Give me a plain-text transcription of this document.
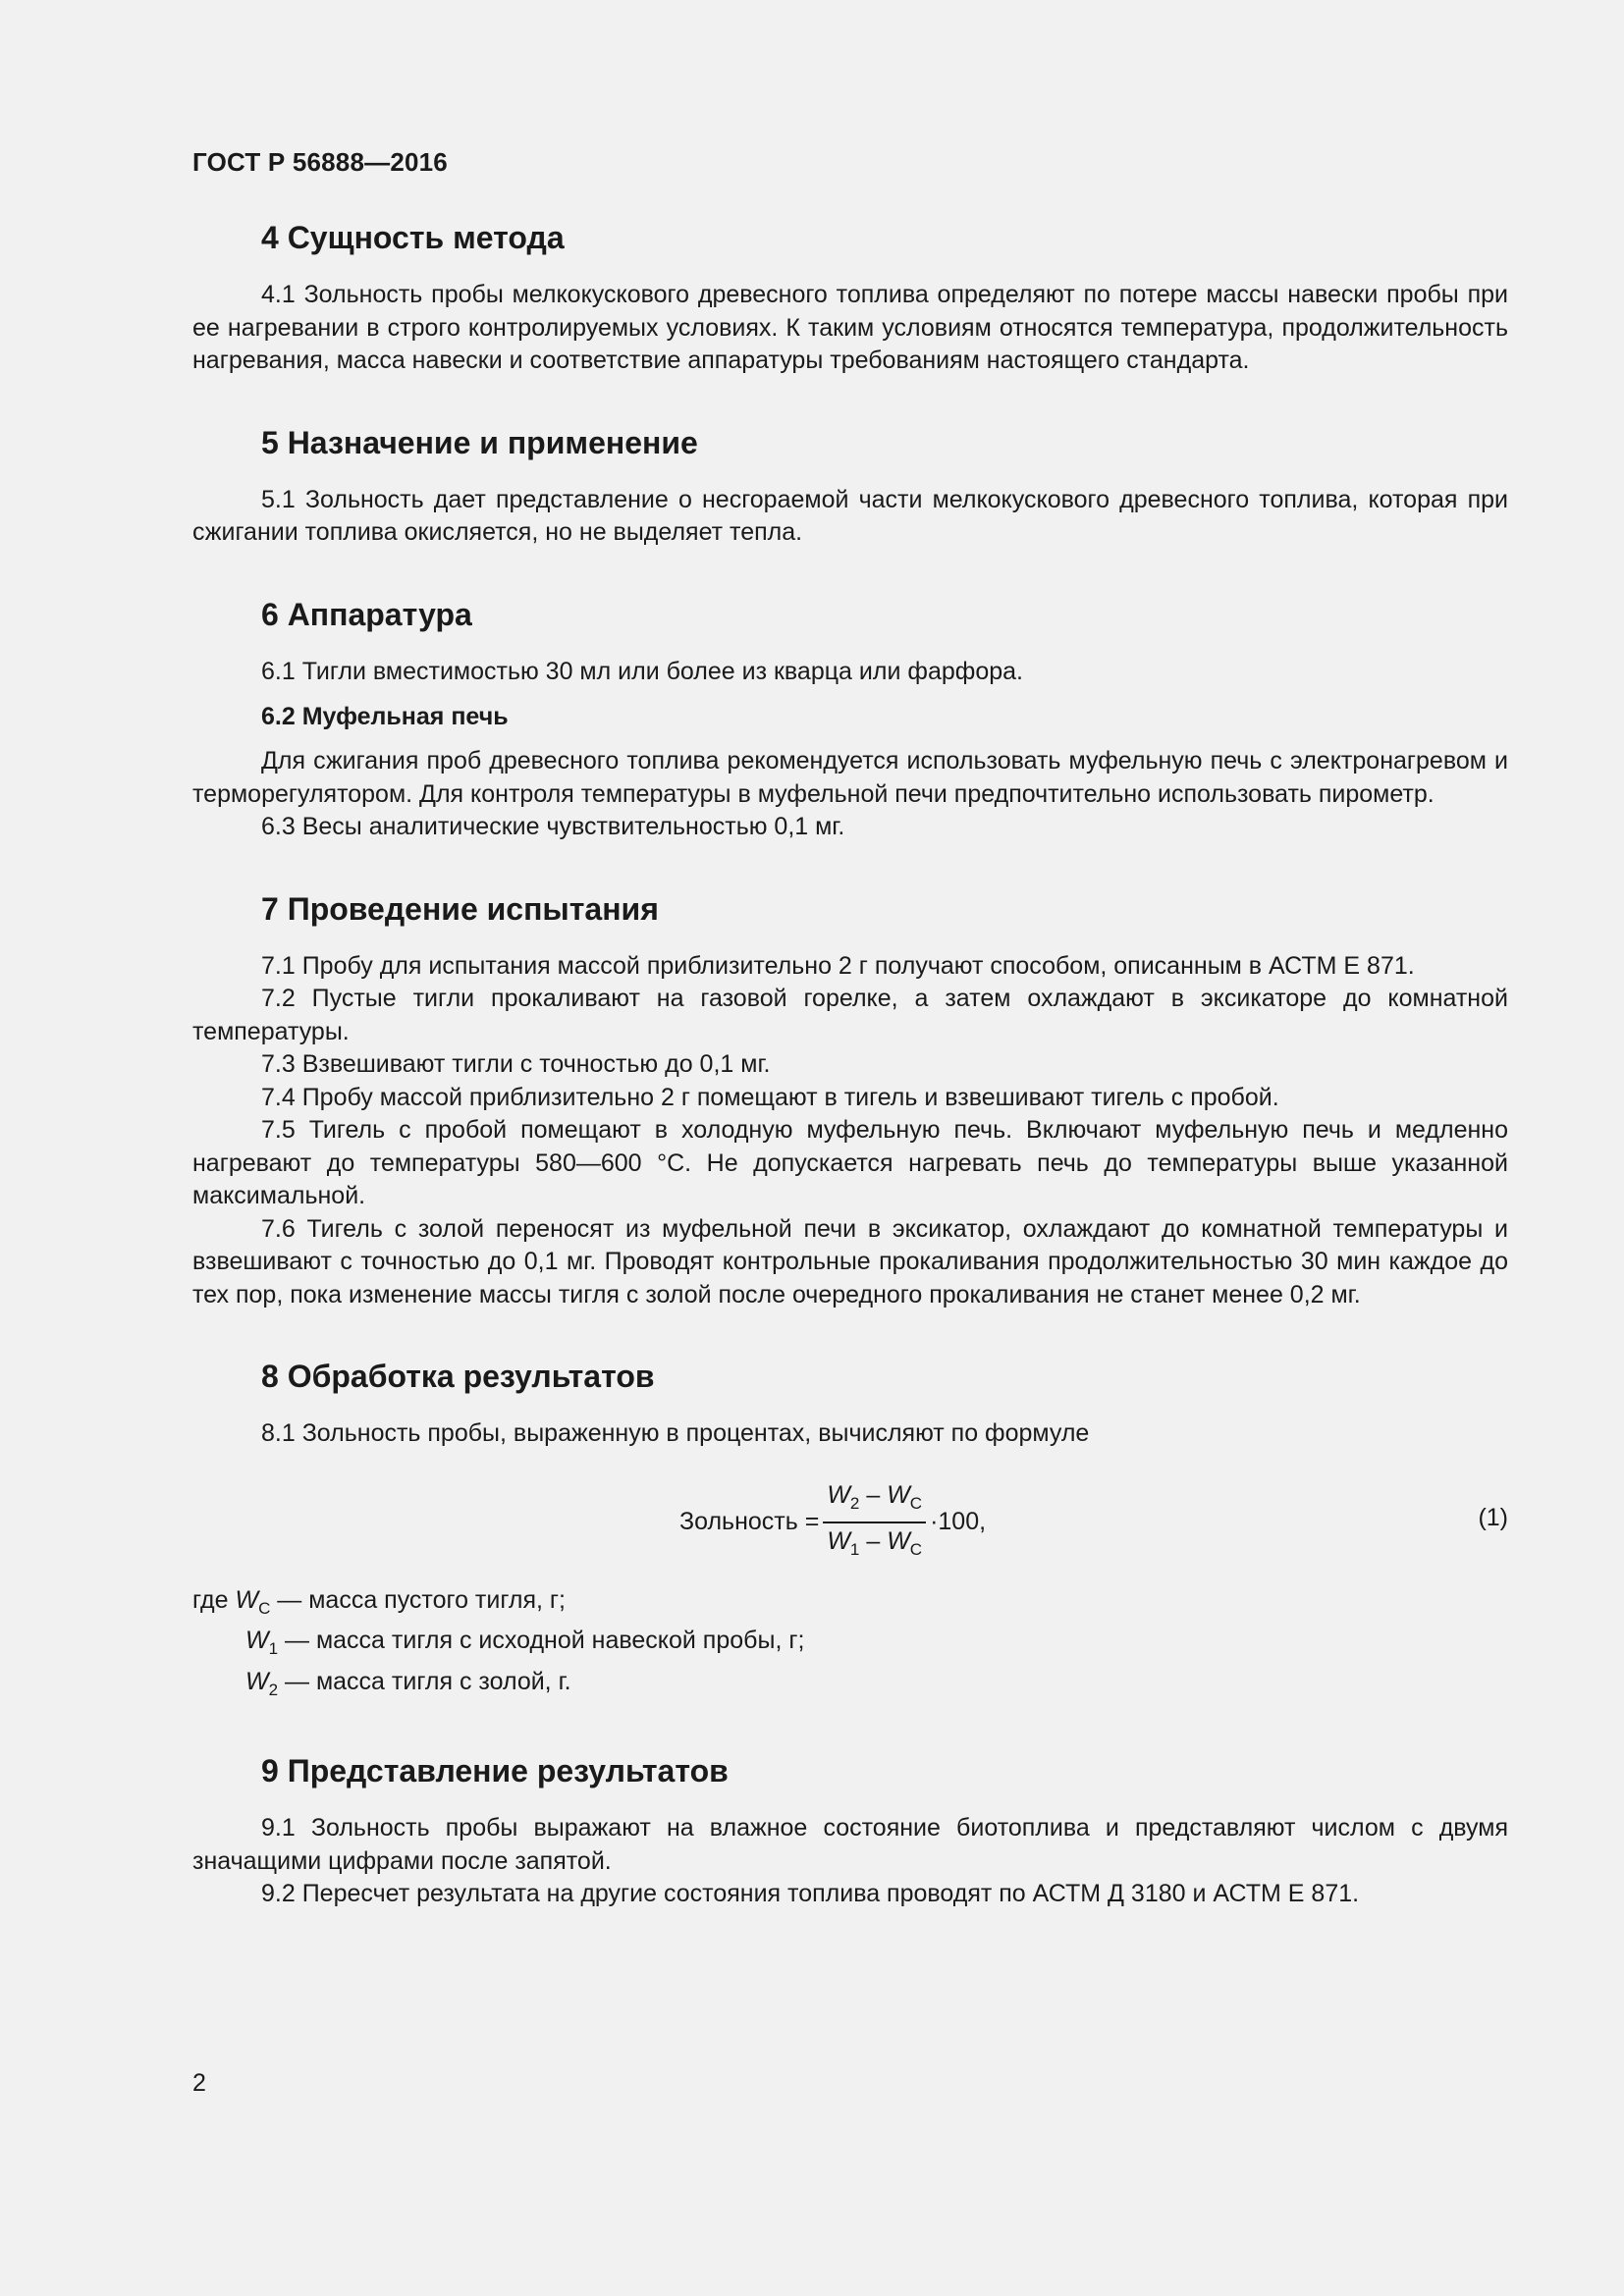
ГОСТ Р 56888—2016
4 Сущность метода

4.1 Зольность пробы мелкокускового древесного топлива определяют по потере массы навески пробы при ее нагревании в строго контролируемых условиях. К таким условиям относятся температура, продолжительность нагревания, масса навески и соответствие аппаратуры требованиям настоящего стандарта.

5 Назначение и применение

5.1 Зольность дает представление о несгораемой части мелкокускового древесного топлива, которая при сжигании топлива окисляется, но не выделяет тепла.

6 Аппаратура

6.1 Тигли вместимостью 30 мл или более из кварца или фарфора.

6.2 Муфельная печь

Для сжигания проб древесного топлива рекомендуется использовать муфельную печь с электронагревом и терморегулятором. Для контроля температуры в муфельной печи предпочтительно использовать пирометр.

6.3 Весы аналитические чувствительностью 0,1 мг.

7 Проведение испытания

7.1 Пробу для испытания массой приблизительно 2 г получают способом, описанным в АСТМ Е 871.

7.2 Пустые тигли прокаливают на газовой горелке, а затем охлаждают в эксикаторе до комнатной температуры.

7.3 Взвешивают тигли с точностью до 0,1 мг.

7.4 Пробу массой приблизительно 2 г помещают в тигель и взвешивают тигель с пробой.

7.5 Тигель с пробой помещают в холодную муфельную печь. Включают муфельную печь и медленно нагревают до температуры 580—600 °С. Не допускается нагревать печь до температуры выше указанной максимальной.

7.6 Тигель с золой переносят из муфельной печи в эксикатор, охлаждают до комнатной температуры и взвешивают с точностью до 0,1 мг. Проводят контрольные прокаливания продолжительностью 30 мин каждое до тех пор, пока изменение массы тигля с золой после очередного прокаливания не станет менее 0,2 мг.

8 Обработка результатов

8.1 Зольность пробы, выраженную в процентах, вычисляют по формуле

Зольность = $\frac{W_2 - W_C}{W_1 - W_C} \cdot 100$,	(1)
где $W_C$ — масса пустого тигля, г;
$W_1$ — масса тигля с исходной навеской пробы, г;
$W_2$ — масса тигля с золой, г.
9 Представление результатов

9.1 Зольность пробы выражают на влажное состояние биотоплива и представляют числом с двумя значащими цифрами после запятой.

9.2 Пересчет результата на другие состояния топлива проводят по АСТМ Д 3180 и АСТМ Е 871.

2
